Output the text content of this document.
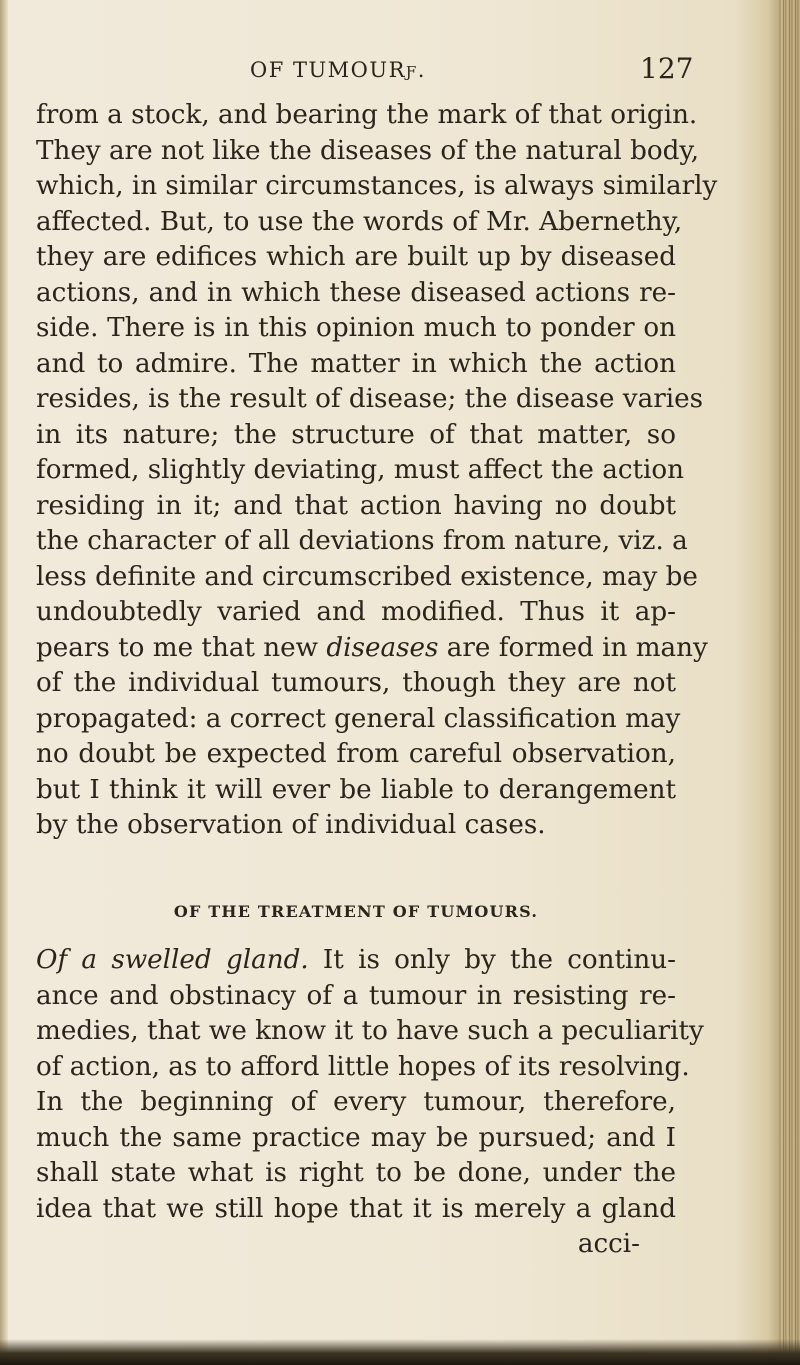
OF TUMOURƒ.	127
from a stock, and bearing the mark of that origin.
They are not like the diseases of the natural body,
which, in similar circumstances, is always similarly
affected. But, to use the words of Mr. Abernethy,
they are edifices which are built up by diseased
actions, and in which these diseased actions re-
side. There is in this opinion much to ponder on
and to admire. The matter in which the action
resides, is the result of disease; the disease varies
in its nature; the structure of that matter, so
formed, slightly deviating, must affect the action
residing in it; and that action having no doubt
the character of all deviations from nature, viz. a
less definite and circumscribed existence, may be
undoubtedly varied and modified. Thus it ap-
pears to me that new diseases are formed in many
of the individual tumours, though they are not
propagated: a correct general classification may
no doubt be expected from careful observation,
but I think it will ever be liable to derangement
by the observation of individual cases.
OF THE TREATMENT OF TUMOURS.
Of a swelled gland. It is only by the continu-
ance and obstinacy of a tumour in resisting re-
medies, that we know it to have such a peculiarity
of action, as to afford little hopes of its resolving.
In the beginning of every tumour, therefore,
much the same practice may be pursued; and I
shall state what is right to be done, under the
idea that we still hope that it is merely a gland
acci-
